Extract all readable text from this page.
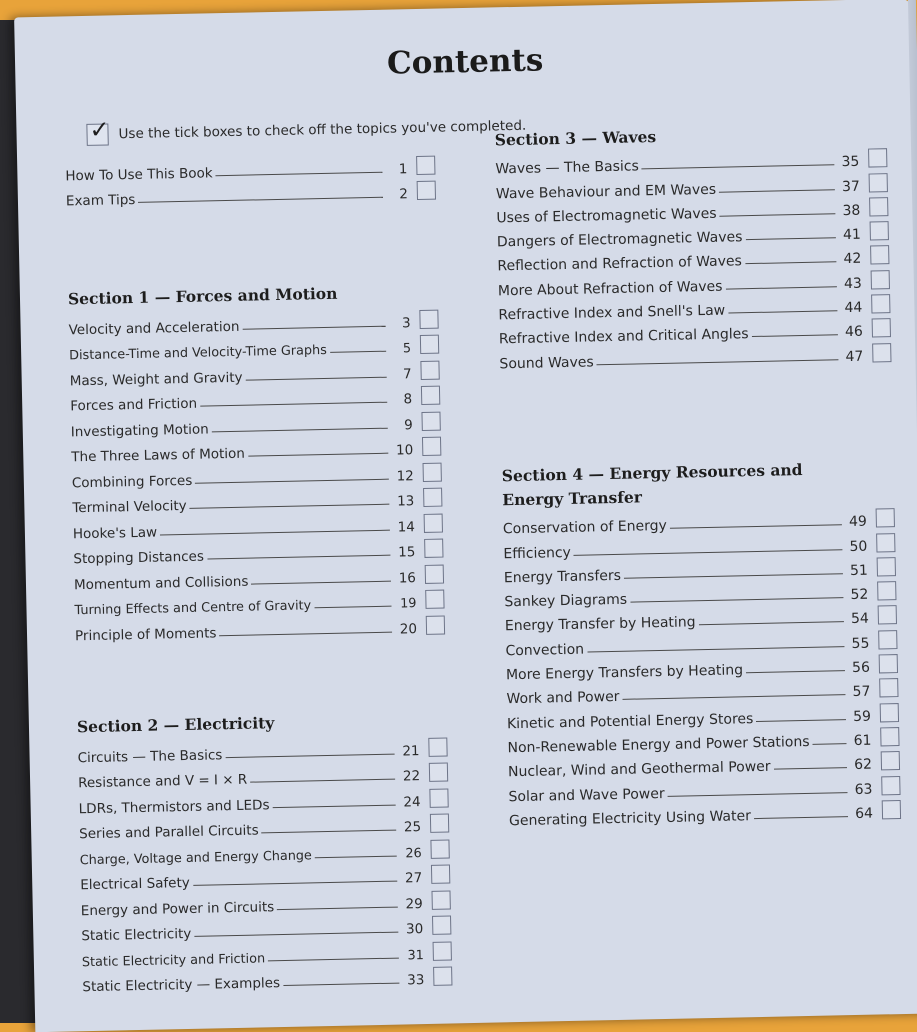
Contents
✓ Use the tick boxes to check off the topics you've completed.
How To Use This Book	1
Exam Tips	2
Section 1 — Forces and Motion
Velocity and Acceleration	3
Distance-Time and Velocity-Time Graphs	5
Mass, Weight and Gravity	7
Forces and Friction	8
Investigating Motion	9
The Three Laws of Motion	10
Combining Forces	12
Terminal Velocity	13
Hooke's Law	14
Stopping Distances	15
Momentum and Collisions	16
Turning Effects and Centre of Gravity	19
Principle of Moments	20
Section 2 — Electricity
Circuits — The Basics	21
Resistance and V = I × R	22
LDRs, Thermistors and LEDs	24
Series and Parallel Circuits	25
Charge, Voltage and Energy Change	26
Electrical Safety	27
Energy and Power in Circuits	29
Static Electricity	30
Static Electricity and Friction	31
Static Electricity — Examples	33
Section 3 — Waves
Waves — The Basics	35
Wave Behaviour and EM Waves	37
Uses of Electromagnetic Waves	38
Dangers of Electromagnetic Waves	41
Reflection and Refraction of Waves	42
More About Refraction of Waves	43
Refractive Index and Snell's Law	44
Refractive Index and Critical Angles	46
Sound Waves	47
Section 4 — Energy Resources and
Energy Transfer
Conservation of Energy	49
Efficiency	50
Energy Transfers	51
Sankey Diagrams	52
Energy Transfer by Heating	54
Convection	55
More Energy Transfers by Heating	56
Work and Power	57
Kinetic and Potential Energy Stores	59
Non-Renewable Energy and Power Stations	61
Nuclear, Wind and Geothermal Power	62
Solar and Wave Power	63
Generating Electricity Using Water	64
